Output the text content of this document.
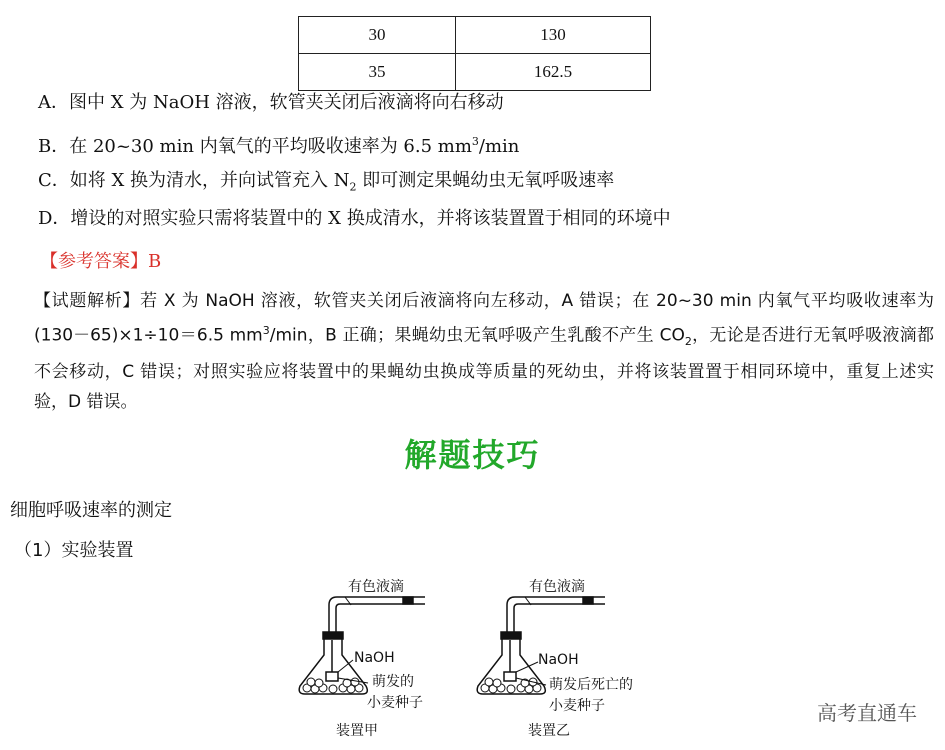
30	130
35	162.5
A．图中 X 为 NaOH 溶液，软管夹关闭后液滴将向右移动
B．在 20~30 min 内氧气的平均吸收速率为 6.5 $mm^3/\min$
C．如将 X 换为清水，并向试管充入 $N_2$ 即可测定果蝇幼虫无氧呼吸速率
D．增设的对照实验只需将装置中的 X 换成清水，并将该装置置于相同的环境中
【参考答案】B
【试题解析】若 X 为 NaOH 溶液，软管夹关闭后液滴将向左移动，A 错误；在 20~30 min 内氧气平均吸收速率为(130－65)×1÷10＝6.5 $mm^3/\min$，B 正确；果蝇幼虫无氧呼吸产生乳酸不产生 $CO_2$，无论是否进行无氧呼吸液滴都不会移动，C 错误；对照实验应将装置中的果蝇幼虫换成等质量的死幼虫，并将该装置置于相同环境中，重复上述实验，D 错误。
解题技巧
细胞呼吸速率的测定
（1）实验装置
有色液滴
NaOH
萌发的
小麦种子
装置甲
有色液滴
NaOH
萌发后死亡的
小麦种子
装置乙
高考直通车
